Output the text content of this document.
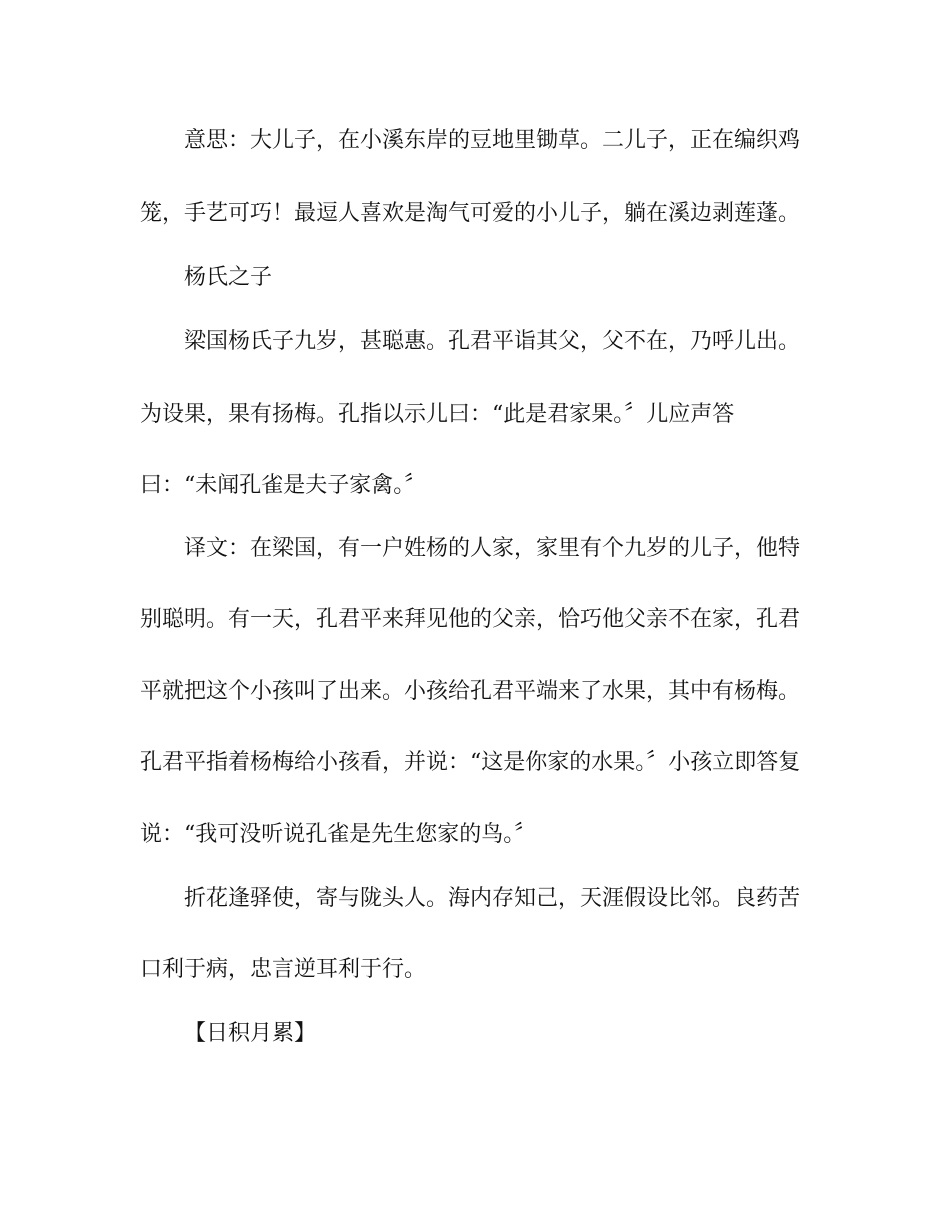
意思：大儿子，在小溪东岸的豆地里锄草。二儿子，正在编织鸡
笼，手艺可巧！最逗人喜欢是淘气可爱的小儿子，躺在溪边剥莲蓬。
杨氏之子
梁国杨氏子九岁，甚聪惠。孔君平诣其父，父不在，乃呼儿出。
为设果，果有扬梅。孔指以示儿曰：“此是君家果。〞儿应声答
曰：“未闻孔雀是夫子家禽。〞
译文：在梁国，有一户姓杨的人家，家里有个九岁的儿子，他特
别聪明。有一天，孔君平来拜见他的父亲，恰巧他父亲不在家，孔君
平就把这个小孩叫了出来。小孩给孔君平端来了水果，其中有杨梅。
孔君平指着杨梅给小孩看，并说：“这是你家的水果。〞小孩立即答复
说：“我可没听说孔雀是先生您家的鸟。〞
折花逢驿使，寄与陇头人。海内存知己，天涯假设比邻。良药苦
口利于病，忠言逆耳利于行。
【日积月累】
